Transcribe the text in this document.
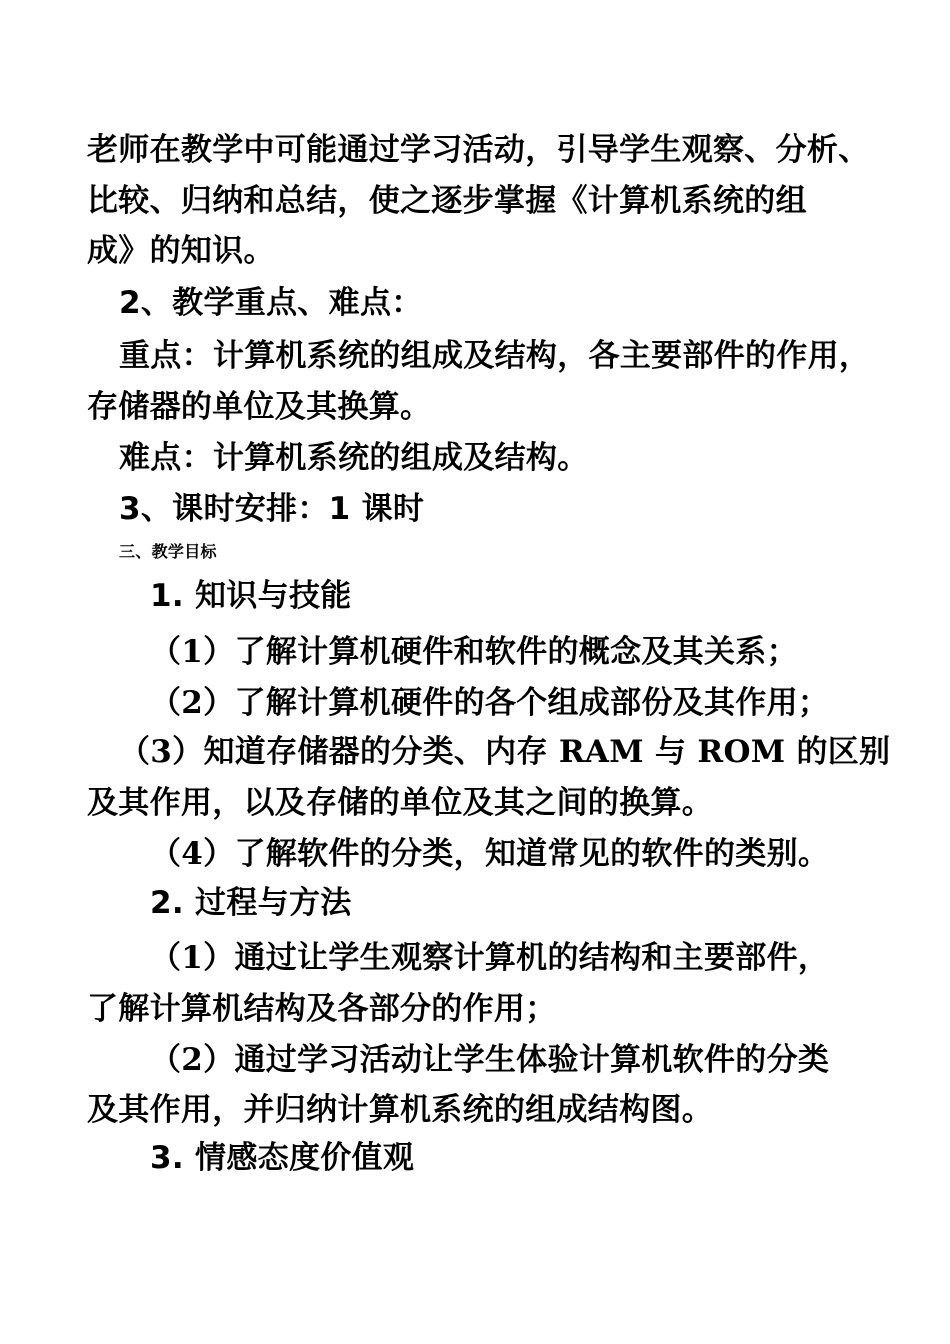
老师在教学中可能通过学习活动，引导学生观察、分析、
比较、归纳和总结，使之逐步掌握《计算机系统的组
成》的知识。
2、教学重点、难点：
重点：计算机系统的组成及结构，各主要部件的作用，
存储器的单位及其换算。
难点：计算机系统的组成及结构。
3、课时安排：1 课时
三、教学目标
1. 知识与技能
（1）了解计算机硬件和软件的概念及其关系；
（2）了解计算机硬件的各个组成部份及其作用；
（3）知道存储器的分类、内存 RAM 与 ROM 的区别
及其作用，以及存储的单位及其之间的换算。
（4）了解软件的分类，知道常见的软件的类别。
2. 过程与方法
（1）通过让学生观察计算机的结构和主要部件，
了解计算机结构及各部分的作用；
（2）通过学习活动让学生体验计算机软件的分类
及其作用，并归纳计算机系统的组成结构图。
3. 情感态度价值观
